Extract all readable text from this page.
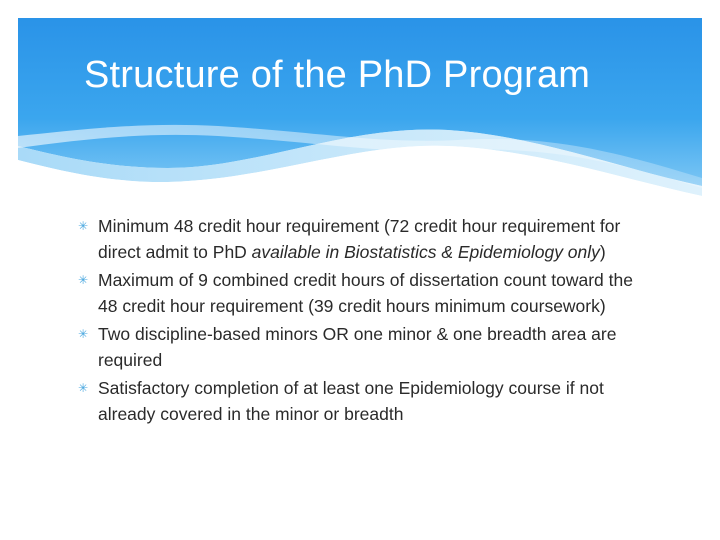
Structure of the PhD Program
✳ Minimum 48 credit hour requirement (72 credit hour requirement for direct admit to PhD available in Biostatistics & Epidemiology only)
✳ Maximum of 9 combined credit hours of dissertation count toward the 48 credit hour requirement (39 credit hours minimum coursework)
✳ Two discipline-based minors OR one minor & one breadth area are required
✳ Satisfactory completion of at least one Epidemiology course if not already covered in the minor or breadth
